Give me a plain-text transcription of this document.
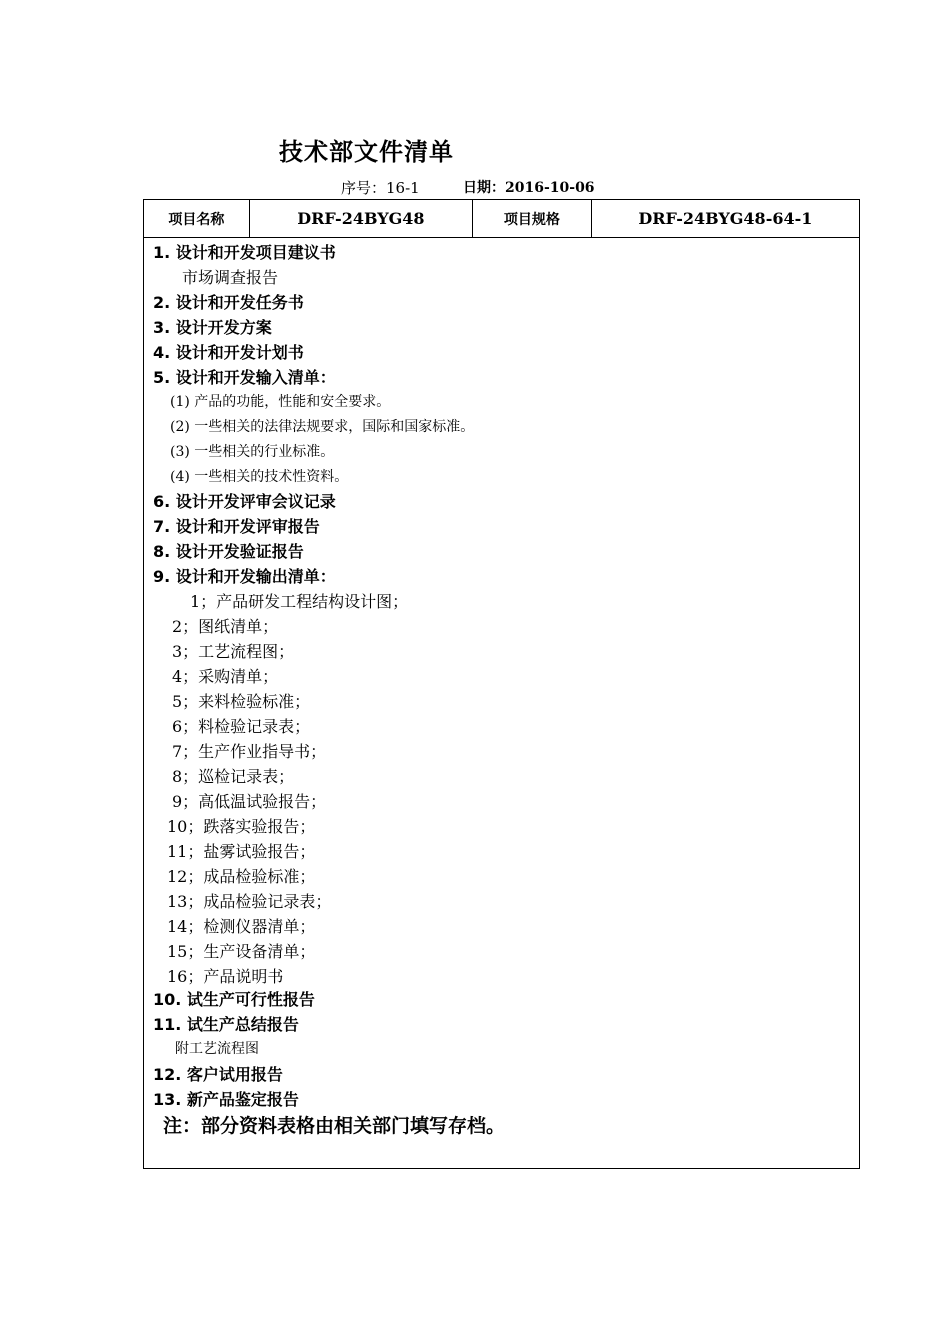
技术部文件清单
序号：16-1	日期：2016-10-06
项目名称	DRF-24BYG48	项目规格	DRF-24BYG48-64-1
1. 设计和开发项目建议书
市场调查报告
2. 设计和开发任务书
3. 设计开发方案
4. 设计和开发计划书
5. 设计和开发输入清单：
(1) 产品的功能，性能和安全要求。
(2) 一些相关的法律法规要求，国际和国家标准。
(3) 一些相关的行业标准。
(4) 一些相关的技术性资料。
6. 设计开发评审会议记录
7. 设计和开发评审报告
8. 设计开发验证报告
9. 设计和开发输出清单：
1；产品研发工程结构设计图；
2；图纸清单；
3；工艺流程图；
4；采购清单；
5；来料检验标准；
6；料检验记录表；
7；生产作业指导书；
8；巡检记录表；
9；高低温试验报告；
10；跌落实验报告；
11；盐雾试验报告；
12；成品检验标准；
13；成品检验记录表；
14；检测仪器清单；
15；生产设备清单；
16；产品说明书
10. 试生产可行性报告
11. 试生产总结报告
附工艺流程图
12. 客户试用报告
13. 新产品鉴定报告
注：部分资料表格由相关部门填写存档。
